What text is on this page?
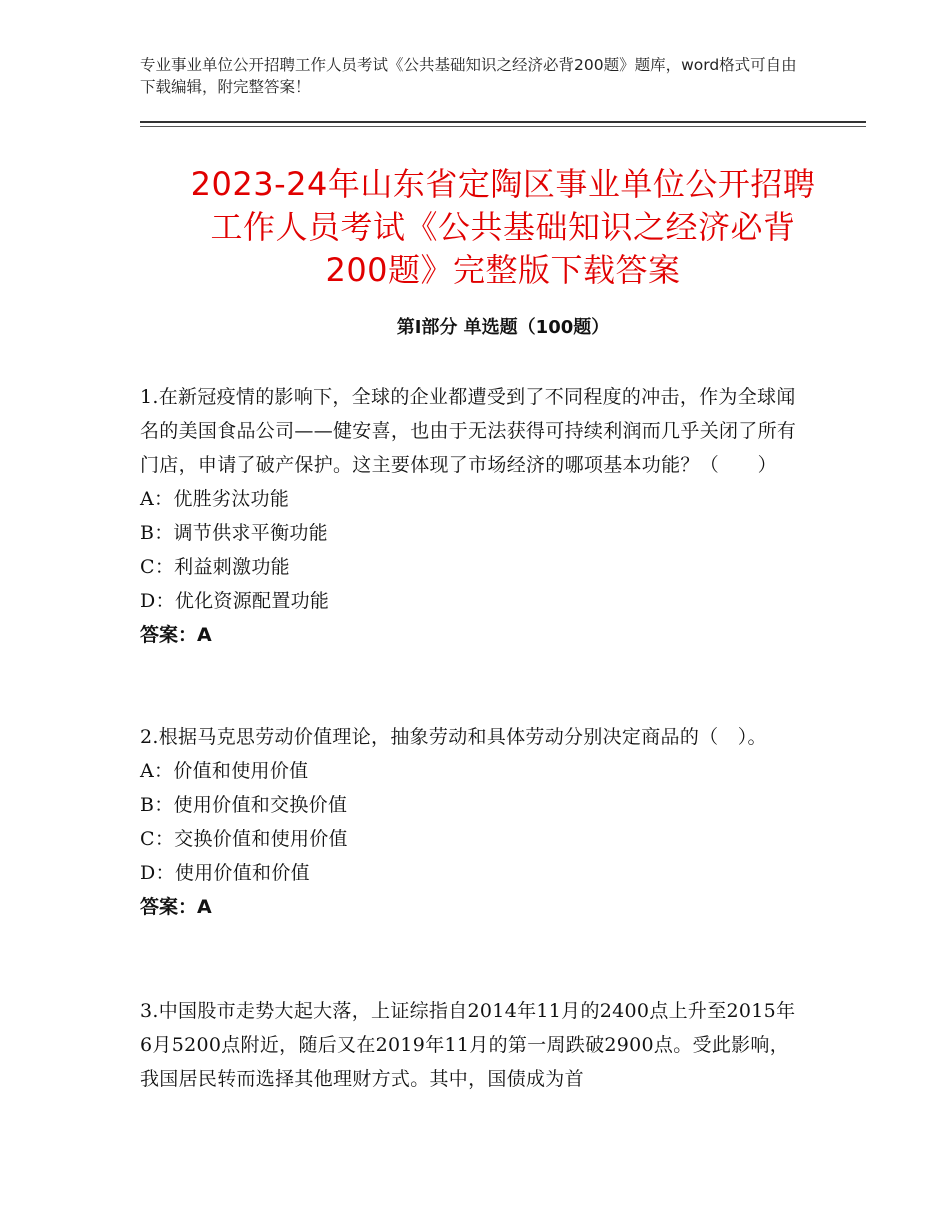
专业事业单位公开招聘工作人员考试《公共基础知识之经济必背200题》题库，word格式可自由下载编辑，附完整答案！
2023-24年山东省定陶区事业单位公开招聘
工作人员考试《公共基础知识之经济必背
200题》完整版下载答案
第Ⅰ部分 单选题（100题）
1.在新冠疫情的影响下，全球的企业都遭受到了不同程度的冲击，作为全球闻名的美国食品公司——健安喜，也由于无法获得可持续利润而几乎关闭了所有门店，申请了破产保护。这主要体现了市场经济的哪项基本功能？（　　）
A：优胜劣汰功能
B：调节供求平衡功能
C：利益刺激功能
D：优化资源配置功能
答案：A
2.根据马克思劳动价值理论，抽象劳动和具体劳动分别决定商品的（　）。
A：价值和使用价值
B：使用价值和交换价值
C：交换价值和使用价值
D：使用价值和价值
答案：A
3.中国股市走势大起大落，上证综指自2014年11月的2400点上升至2015年6月5200点附近，随后又在2019年11月的第一周跌破2900点。受此影响，我国居民转而选择其他理财方式。其中，国债成为首
